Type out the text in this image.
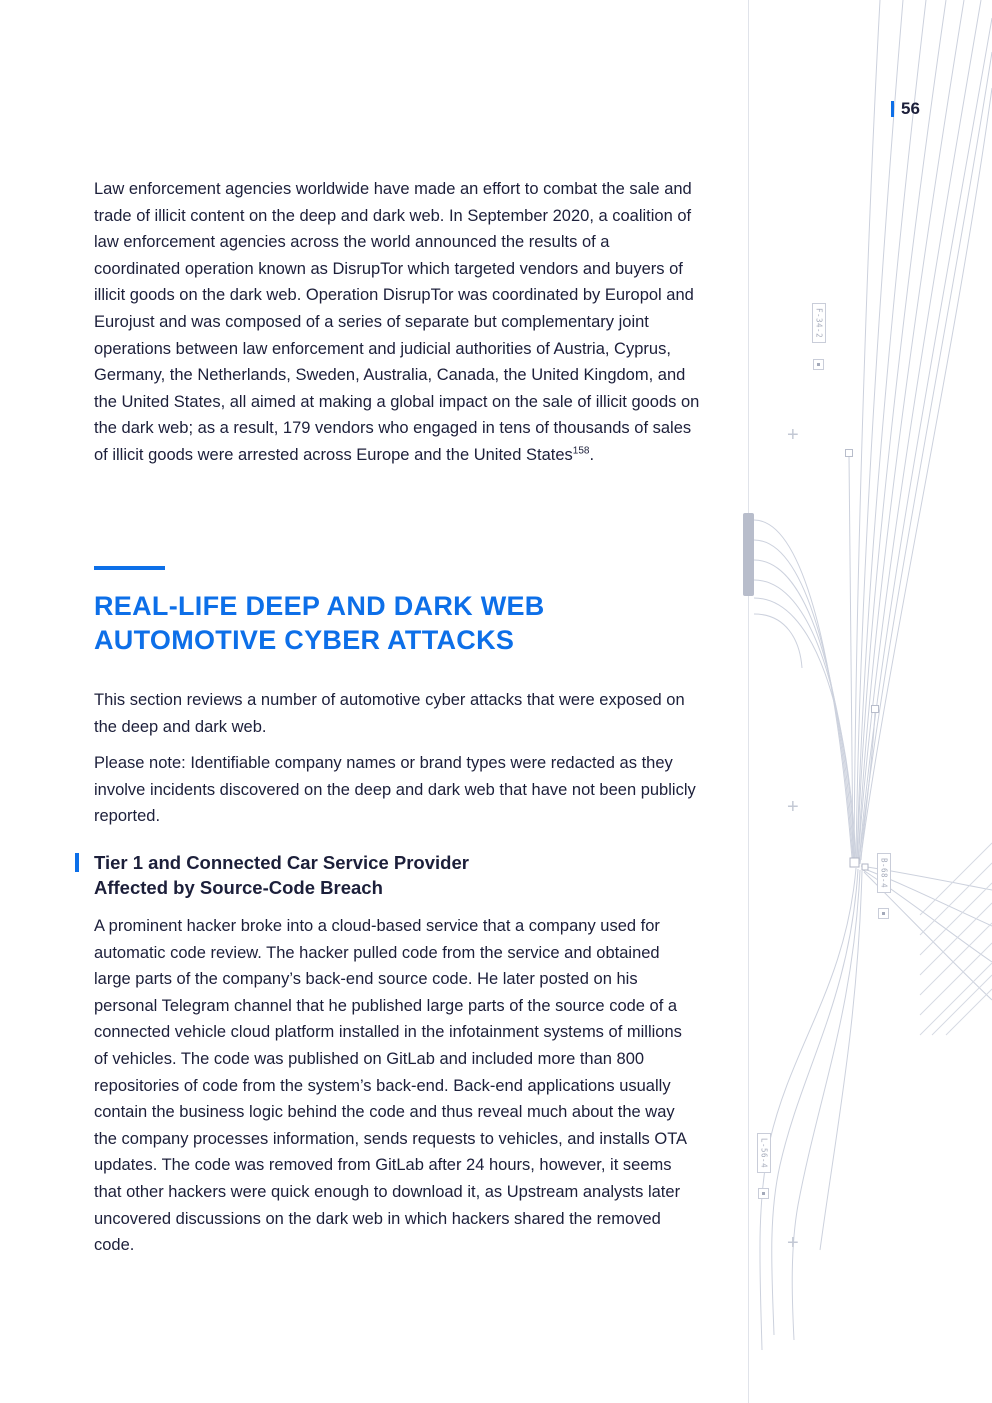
+
+
+
F-34-2
B-68-4
L-56-4
56

Law enforcement agencies worldwide have made an effort to combat the sale and trade of illicit content on the deep and dark web. In September 2020, a coalition of law enforcement agencies across the world announced the results of a coordinated operation known as DisrupTor which targeted vendors and buyers of illicit goods on the dark web. Operation DisrupTor was coordinated by Europol and Eurojust and was composed of a series of separate but complementary joint operations between law enforcement and judicial authorities of Austria, Cyprus, Germany, the Netherlands, Sweden, Australia, Canada, the United Kingdom, and the United States, all aimed at making a global impact on the sale of illicit goods on the dark web; as a result, 179 vendors who engaged in tens of thousands of sales of illicit goods were arrested across Europe and the United States$^{158}$.

REAL-LIFE DEEP AND DARK WEB
AUTOMOTIVE CYBER ATTACKS

This section reviews a number of automotive cyber attacks that were exposed on the deep and dark web.

Please note: Identifiable company names or brand types were redacted as they involve incidents discovered on the deep and dark web that have not been publicly reported.

Tier 1 and Connected Car Service Provider
Affected by Source-Code Breach

A prominent hacker broke into a cloud-based service that a company used for automatic code review. The hacker pulled code from the service and obtained large parts of the company’s back-end source code. He later posted on his personal Telegram channel that he published large parts of the source code of a connected vehicle cloud platform installed in the infotainment systems of millions of vehicles. The code was published on GitLab and included more than 800 repositories of code from the system’s back-end. Back-end applications usually contain the business logic behind the code and thus reveal much about the way the company processes information, sends requests to vehicles, and installs OTA updates. The code was removed from GitLab after 24 hours, however, it seems that other hackers were quick enough to download it, as Upstream analysts later uncovered discussions on the dark web in which hackers shared the removed code.
